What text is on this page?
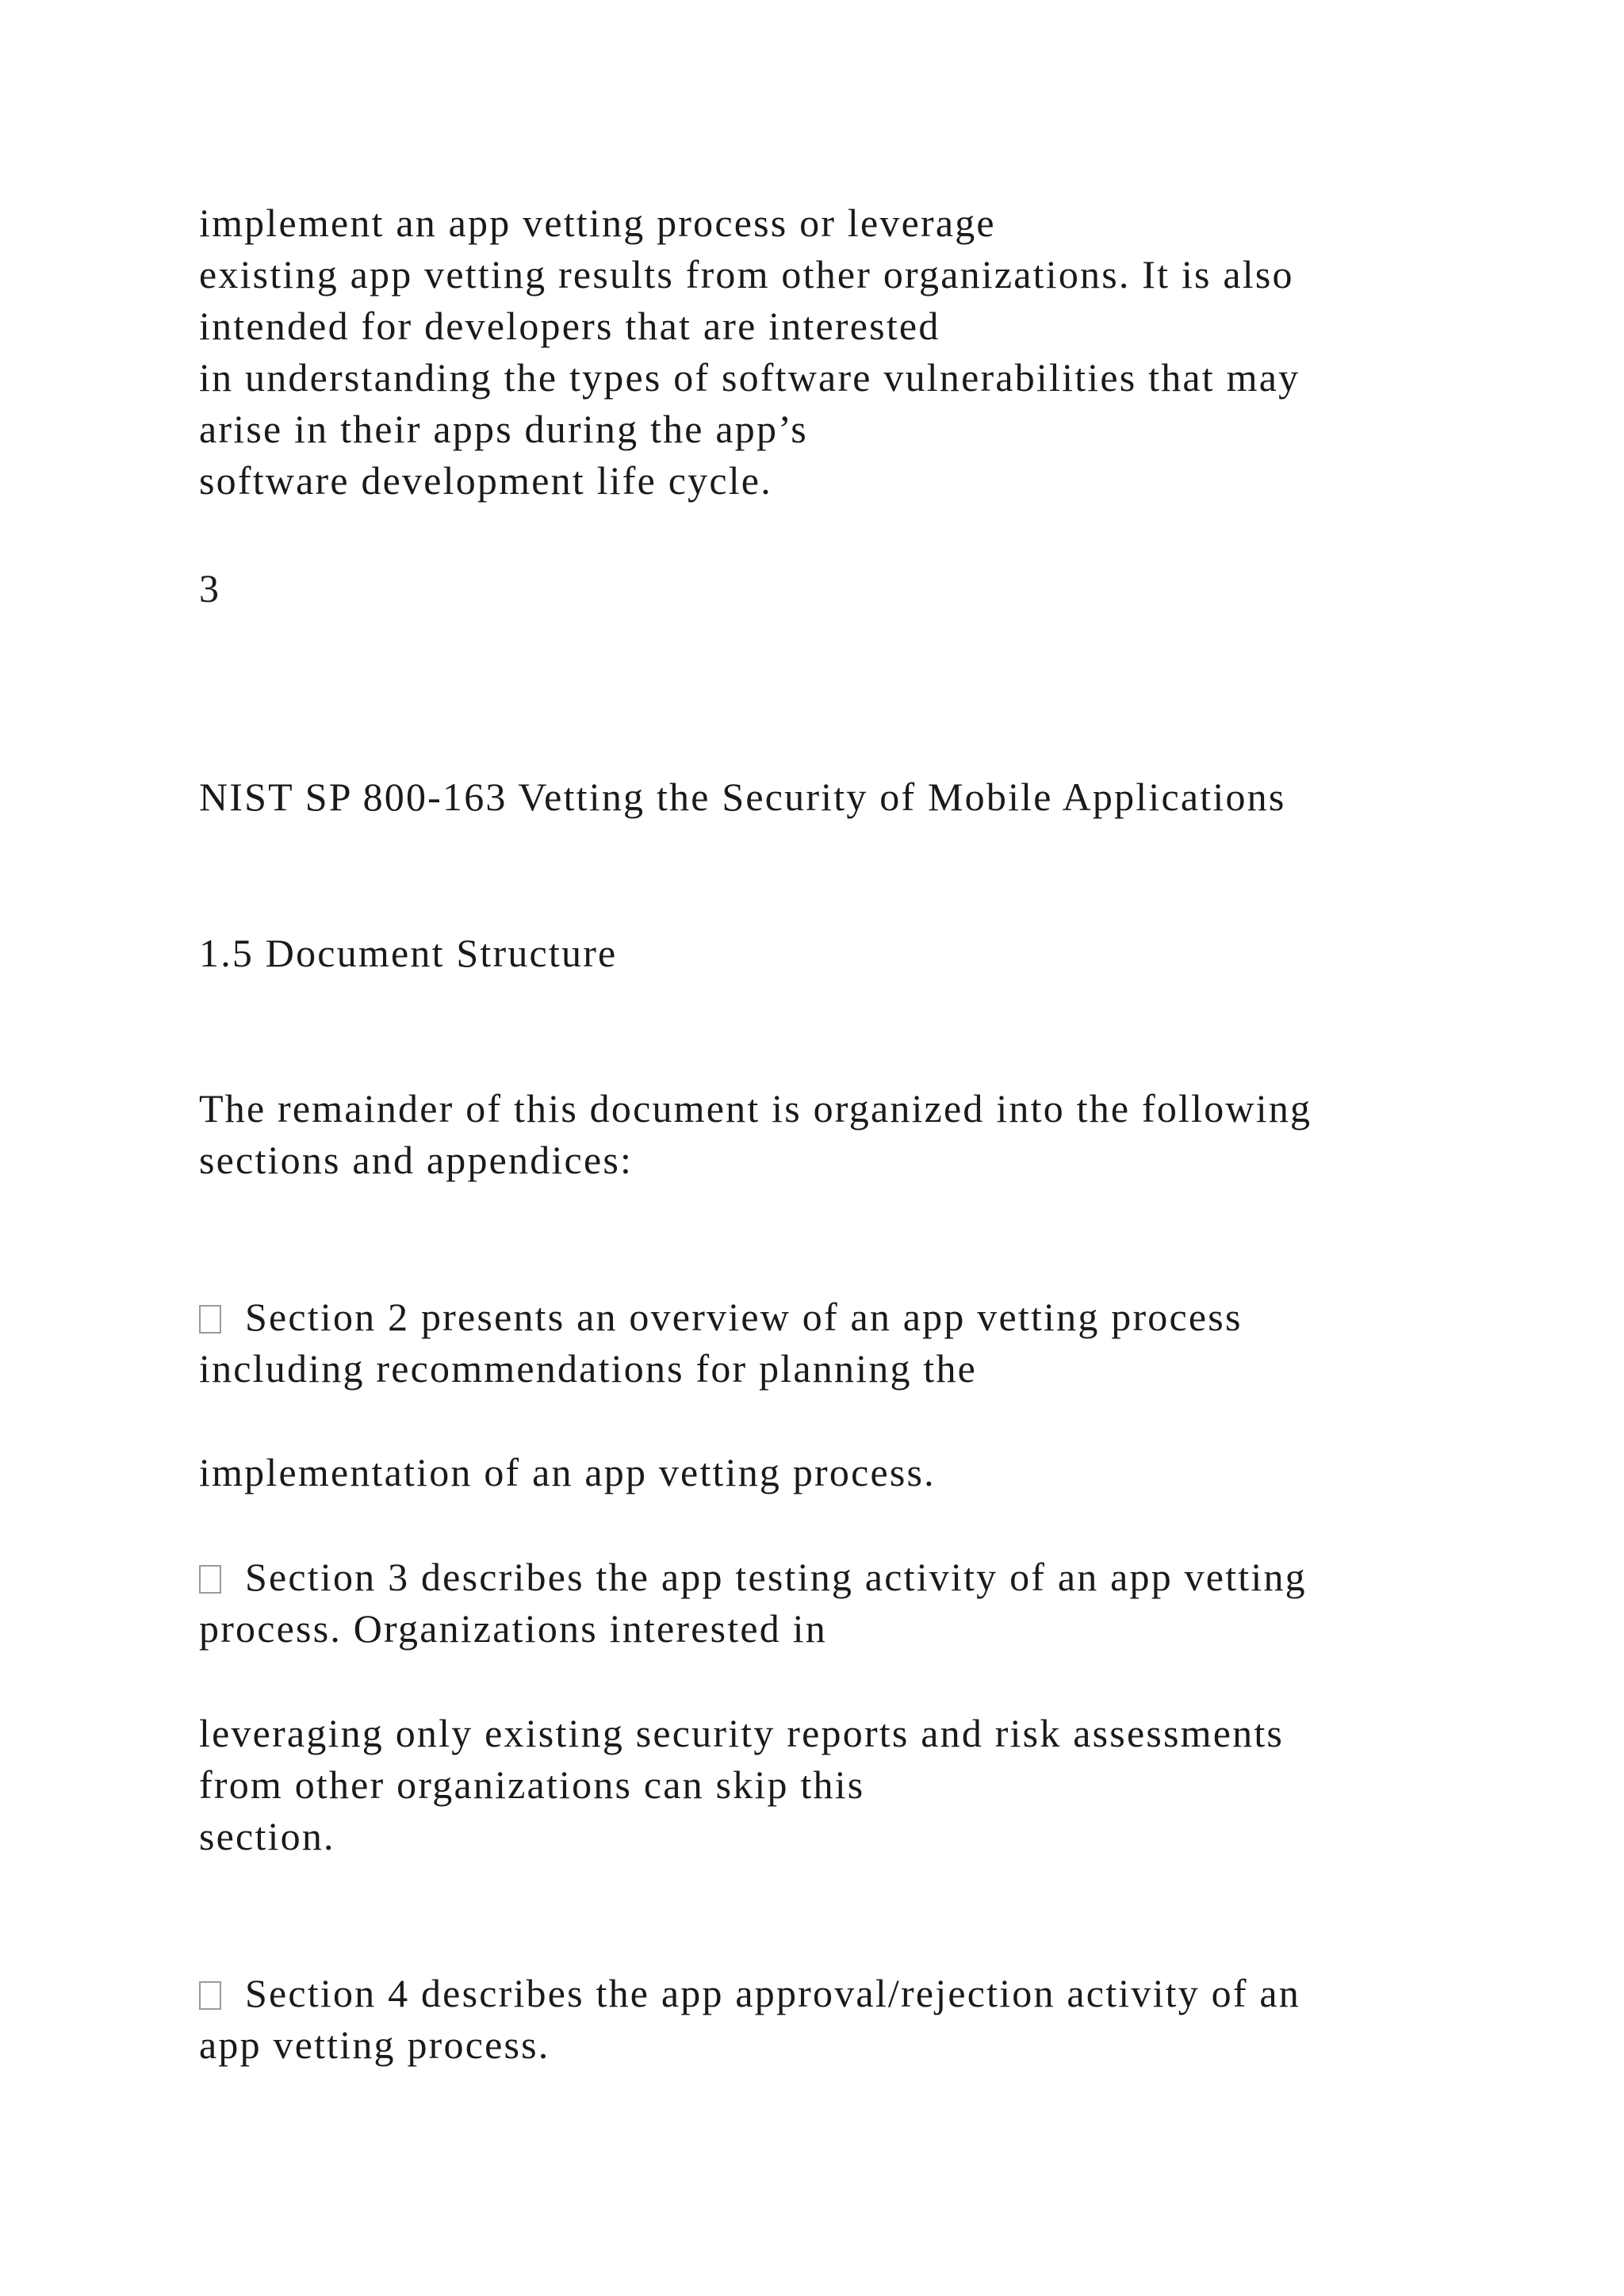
implement an app vetting process or leverage
existing app vetting results from other organizations. It is also
intended for developers that are interested
in understanding the types of software vulnerabilities that may
arise in their apps during the app’s
software development life cycle.
3
NIST SP 800-163 Vetting the Security of Mobile Applications
1.5 Document Structure
The remainder of this document is organized into the following
sections and appendices:
Section 2 presents an overview of an app vetting process
including recommendations for planning the
implementation of an app vetting process.
Section 3 describes the app testing activity of an app vetting
process. Organizations interested in
leveraging only existing security reports and risk assessments
from other organizations can skip this
section.
Section 4 describes the app approval/rejection activity of an
app vetting process.
